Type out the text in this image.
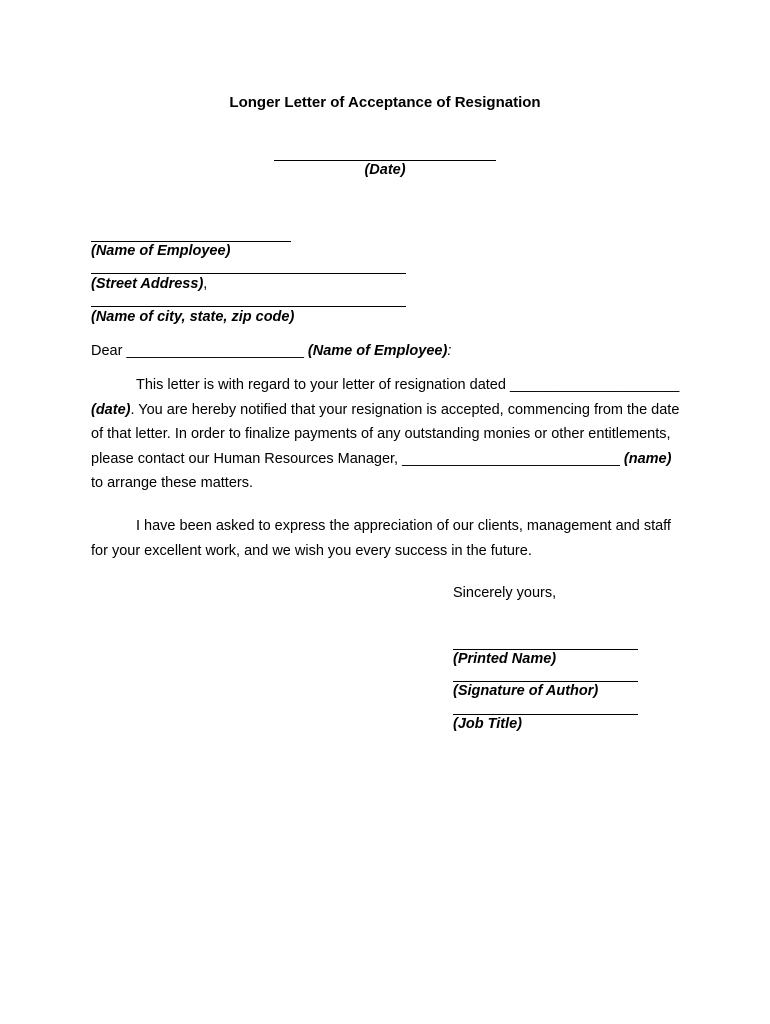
Longer Letter of Acceptance of Resignation
(Date)
(Name of Employee)
(Street Address),
(Name of city, state, zip code)
Dear ______________________ (Name of Employee):
This letter is with regard to your letter of resignation dated _____________________ (date). You are hereby notified that your resignation is accepted, commencing from the date of that letter. In order to finalize payments of any outstanding monies or other entitlements, please contact our Human Resources Manager, ___________________________ (name) to arrange these matters.
I have been asked to express the appreciation of our clients, management and staff for your excellent work, and we wish you every success in the future.
Sincerely yours,
(Printed Name)
(Signature of Author)
(Job Title)
